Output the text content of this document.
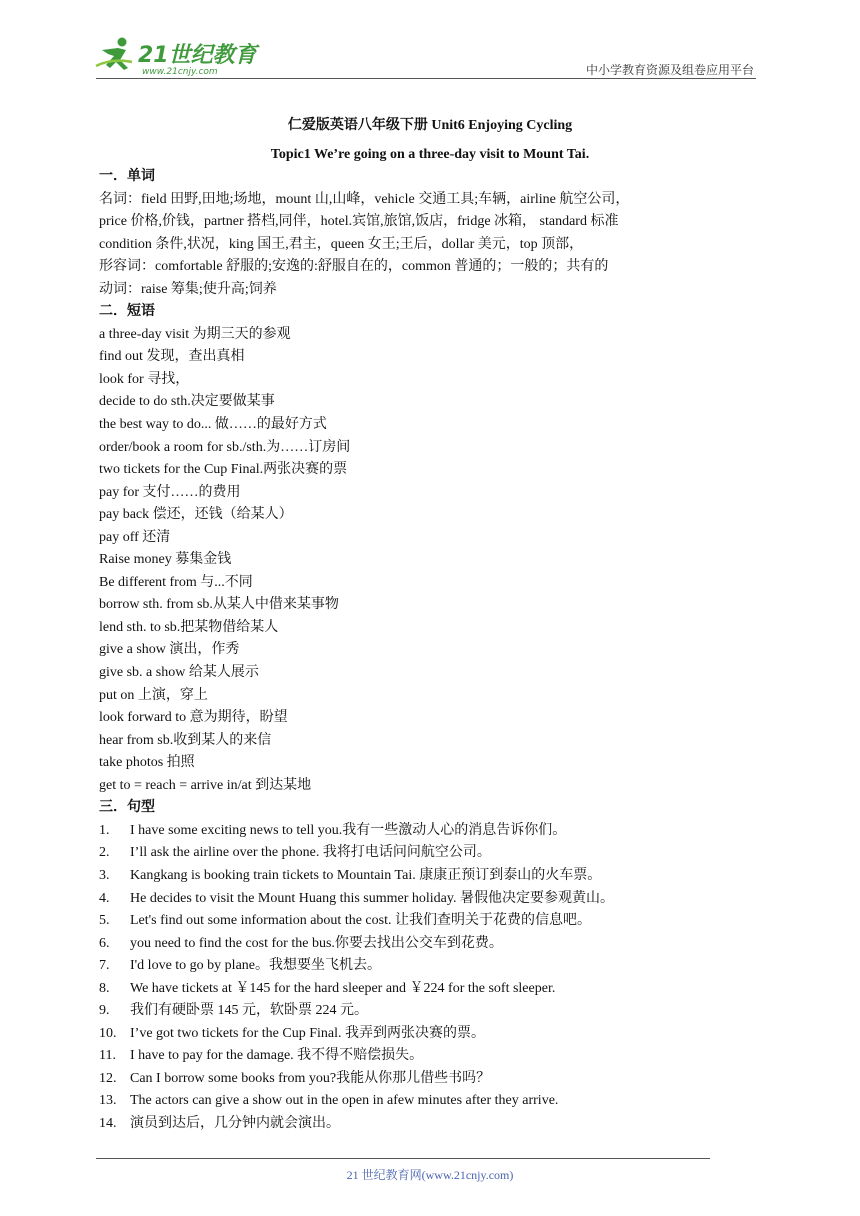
21世纪教育
www.21cnjy.com	中小学教育资源及组卷应用平台
仁爱版英语八年级下册 Unit6 Enjoying Cycling
Topic1 We’re going on a three-day visit to Mount Tai.
一．单词
名词：field 田野,田地;场地，mount 山,山峰，vehicle 交通工具;车辆，airline 航空公司，
price 价格,价钱，partner 搭档,同伴，hotel.宾馆,旅馆,饭店，fridge 冰箱， standard 标准
condition 条件,状况，king 国王,君主，queen 女王;王后，dollar 美元，top 顶部，
形容词：comfortable 舒服的;安逸的:舒服自在的，common 普通的；一般的；共有的
动词：raise 筹集;使升高;饲养
二．短语
a three-day visit 为期三天的参观
find out 发现，查出真相
look for 寻找，
decide to do sth.决定要做某事
the best way to do... 做……的最好方式
order/book a room for sb./sth.为……订房间
two tickets for the Cup Final.两张决赛的票
pay for 支付……的费用
pay back 偿还，还钱（给某人）
pay off 还清
Raise money 募集金钱
Be different from 与...不同
borrow sth. from sb.从某人中借来某事物
lend sth. to sb.把某物借给某人
give a show 演出，作秀
give sb. a show 给某人展示
put on 上演，穿上
look forward to 意为期待，盼望
hear from sb.收到某人的来信
take photos 拍照
get to = reach = arrive in/at 到达某地
三．句型
1. I have some exciting news to tell you.我有一些激动人心的消息告诉你们。
2. I’ll ask the airline over the phone. 我将打电话问问航空公司。
3. Kangkang is booking train tickets to Mountain Tai. 康康正预订到泰山的火车票。
4. He decides to visit the Mount Huang this summer holiday. 暑假他决定要参观黄山。
5. Let's find out some information about the cost. 让我们查明关于花费的信息吧。
6. you need to find the cost for the bus.你要去找出公交车到花费。
7. I'd love to go by plane。我想要坐飞机去。
8. We have tickets at ￥145 for the hard sleeper and ￥224 for the soft sleeper.
9. 我们有硬卧票 145 元，软卧票 224 元。
10. I’ve got two tickets for the Cup Final. 我弄到两张决赛的票。
11. I have to pay for the damage. 我不得不赔偿损失。
12. Can I borrow some books from you?我能从你那儿借些书吗？
13. The actors can give a show out in the open in afew minutes after they arrive.
14. 演员到达后，几分钟内就会演出。
21 世纪教育网(www.21cnjy.com)
